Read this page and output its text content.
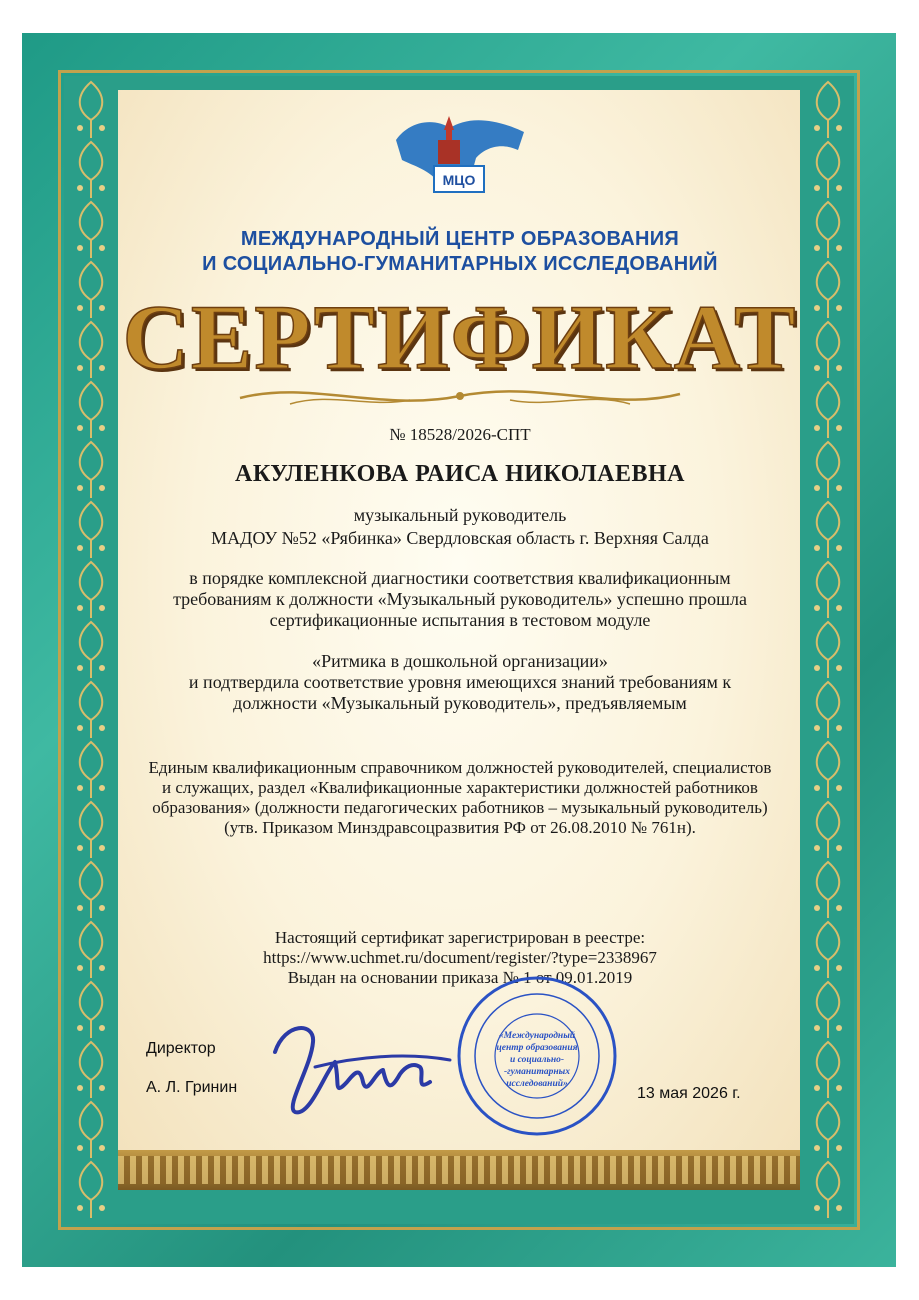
МЦО
МЕЖДУНАРОДНЫЙ ЦЕНТР ОБРАЗОВАНИЯ
И СОЦИАЛЬНО-ГУМАНИТАРНЫХ ИССЛЕДОВАНИЙ
СЕРТИФИКАТ
№ 18528/2026-СПТ
АКУЛЕНКОВА РАИСА НИКОЛАЕВНА
музыкальный руководитель
МАДОУ №52 «Рябинка» Свердловская область г. Верхняя Салда
в порядке комплексной диагностики соответствия квалификационным
требованиям к должности «Музыкальный руководитель» успешно прошла
сертификационные испытания в тестовом модуле
«Ритмика в дошкольной организации»
и подтвердила соответствие уровня имеющихся знаний требованиям к
должности «Музыкальный руководитель», предъявляемым
Единым квалификационным справочником должностей руководителей, специалистов
и служащих, раздел «Квалификационные характеристики должностей работников
образования» (должности педагогических работников – музыкальный руководитель)
(утв. Приказом Минздравсоцразвития РФ от 26.08.2010 № 761н).
Настоящий сертификат зарегистрирован в реестре:
https://www.uchmet.ru/document/register/?type=2338967
Выдан на основании приказа № 1 от 09.01.2019
Директор
А. Л. Гринин
«Международный
центр образования
и социально-
-гуманитарных
исследований»
13 мая 2026 г.
